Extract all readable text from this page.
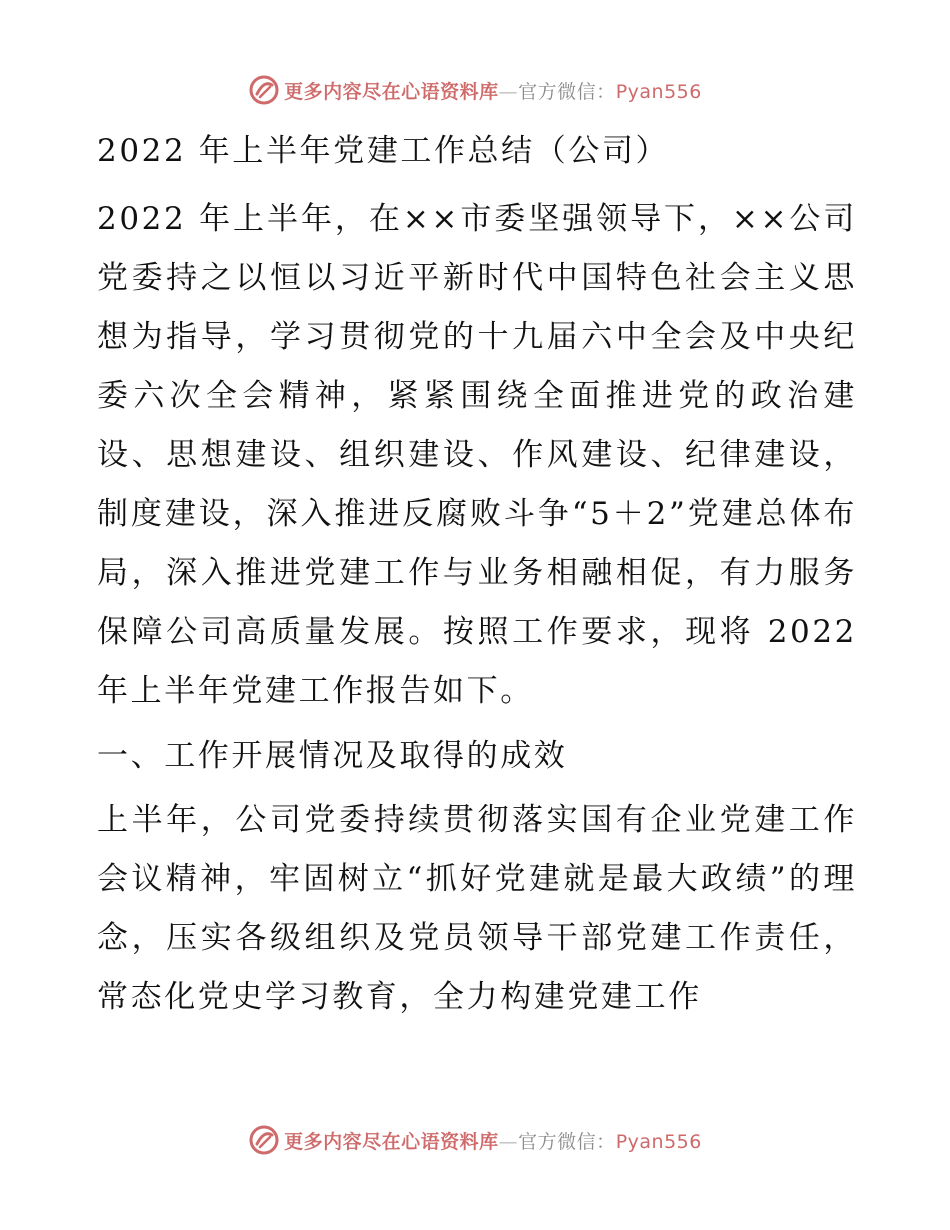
更多内容尽在心语资料库—官方微信：Pyan556

2022 年上半年党建工作总结（公司）

2022 年上半年，在××市委坚强领导下，××公司党委持之以恒以习近平新时代中国特色社会主义思想为指导，学习贯彻党的十九届六中全会及中央纪委六次全会精神，紧紧围绕全面推进党的政治建设、思想建设、组织建设、作风建设、纪律建设，制度建设，深入推进反腐败斗争“5＋2”党建总体布局，深入推进党建工作与业务相融相促，有力服务保障公司高质量发展。按照工作要求，现将 2022 年上半年党建工作报告如下。

一、工作开展情况及取得的成效

上半年，公司党委持续贯彻落实国有企业党建工作会议精神，牢固树立“抓好党建就是最大政绩”的理念，压实各级组织及党员领导干部党建工作责任，常态化党史学习教育，全力构建党建工作

更多内容尽在心语资料库—官方微信：Pyan556
